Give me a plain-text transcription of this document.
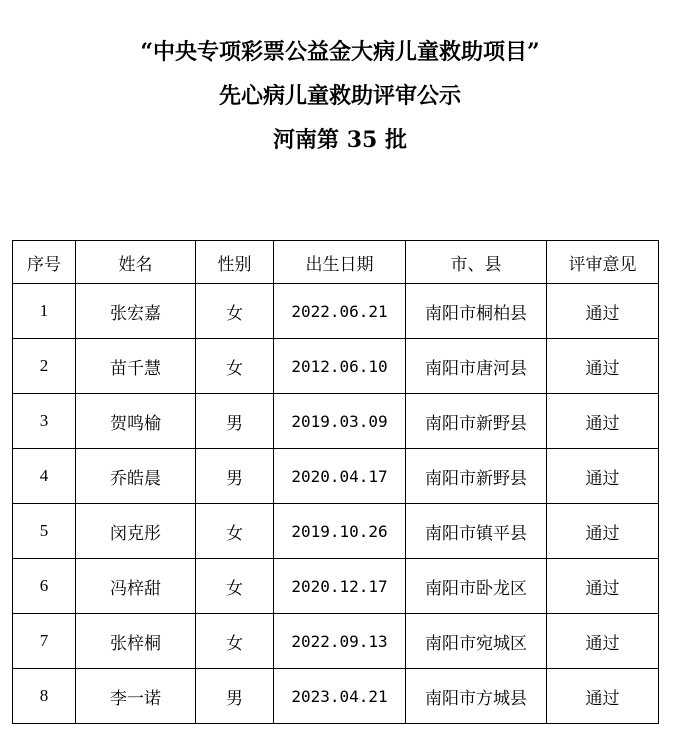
“中央专项彩票公益金大病儿童救助项目”
先心病儿童救助评审公示
河南第 35 批
序号	姓名	性别	出生日期	市、县	评审意见
1	张宏嘉	女	2022.06.21	南阳市桐柏县	通过
2	苗千慧	女	2012.06.10	南阳市唐河县	通过
3	贺鸣榆	男	2019.03.09	南阳市新野县	通过
4	乔皓晨	男	2020.04.17	南阳市新野县	通过
5	闵克彤	女	2019.10.26	南阳市镇平县	通过
6	冯梓甜	女	2020.12.17	南阳市卧龙区	通过
7	张梓桐	女	2022.09.13	南阳市宛城区	通过
8	李一诺	男	2023.04.21	南阳市方城县	通过
